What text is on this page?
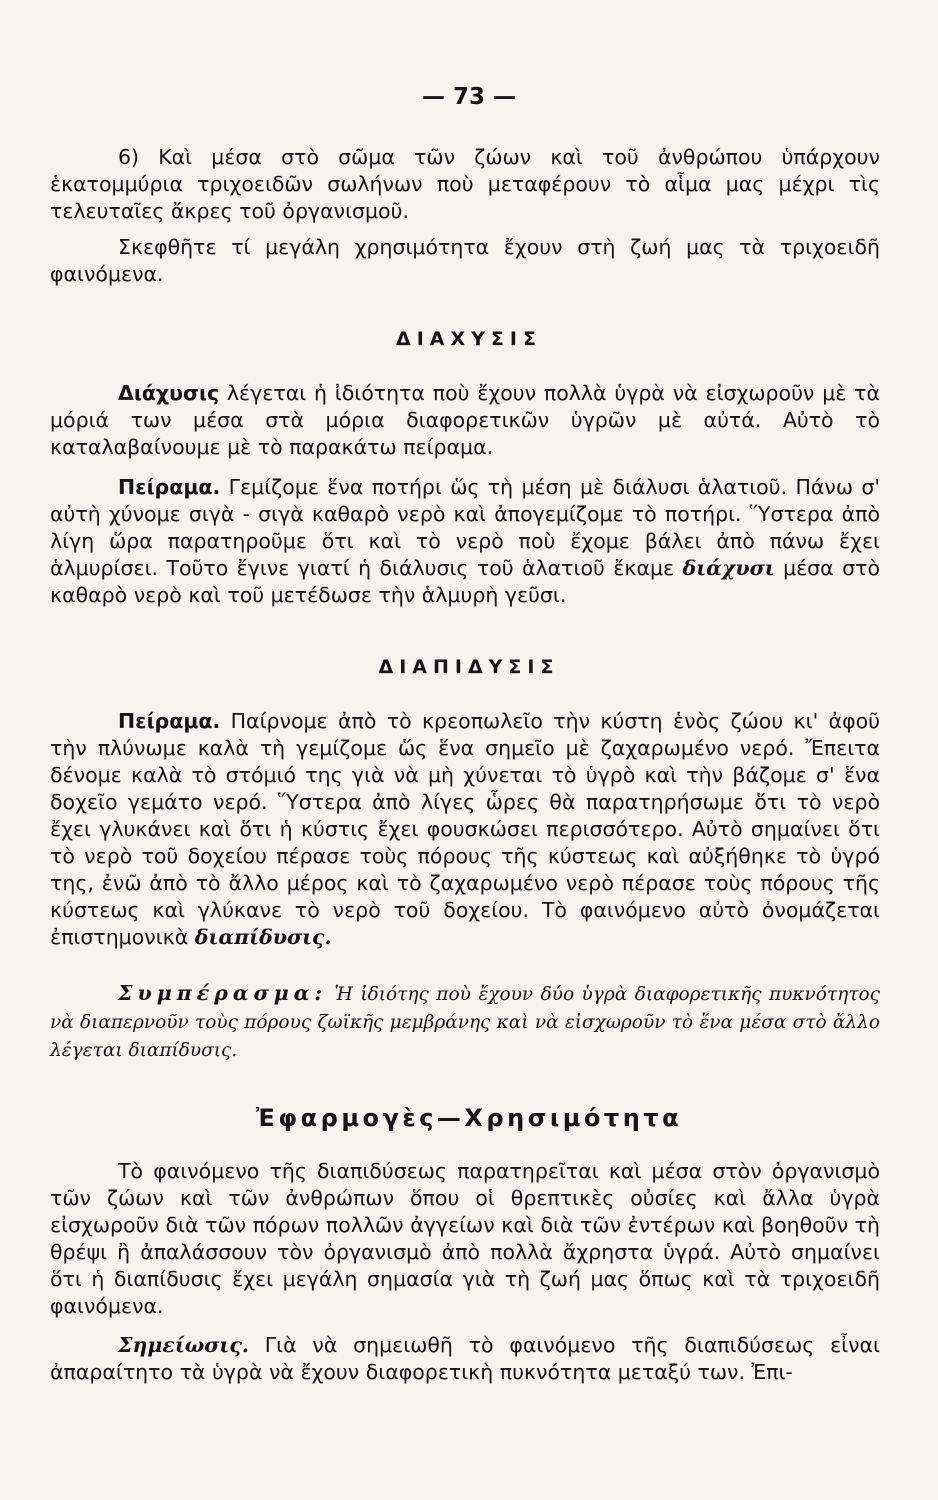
— 73 —

6) Καὶ μέσα στὸ σῶμα τῶν ζώων καὶ τοῦ ἀνθρώπου ὑπάρχουν ἑκατομμύρια τριχοειδῶν σωλήνων ποὺ μεταφέρουν τὸ αἷμα μας μέχρι τὶς τελευταῖες ἄκρες τοῦ ὀργανισμοῦ.

Σκεφθῆτε τί μεγάλη χρησιμότητα ἔχουν στὴ ζωή μας τὰ τριχοειδῆ φαινόμενα.

ΔΙΑΧΥΣΙΣ

Διάχυσις λέγεται ἡ ἰδιότητα ποὺ ἔχουν πολλὰ ὑγρὰ νὰ εἰσχωροῦν μὲ τὰ μόριά των μέσα στὰ μόρια διαφορετικῶν ὑγρῶν μὲ αὐτά. Αὐτὸ τὸ καταλαβαίνουμε μὲ τὸ παρακάτω πείραμα.

Πείραμα. Γεμίζομε ἕνα ποτήρι ὥς τὴ μέση μὲ διάλυσι ἁλατιοῦ. Πάνω σ' αὐτὴ χύνομε σιγὰ - σιγὰ καθαρὸ νερὸ καὶ ἀπογεμίζομε τὸ ποτήρι. Ὕστερα ἀπὸ λίγη ὥρα παρατηροῦμε ὅτι καὶ τὸ νερὸ ποὺ ἔχομε βάλει ἀπὸ πάνω ἔχει ἁλμυρίσει. Τοῦτο ἔγινε γιατί ἡ διάλυσις τοῦ ἁλατιοῦ ἔκαμε διάχυσι μέσα στὸ καθαρὸ νερὸ καὶ τοῦ μετέδωσε τὴν ἁλμυρὴ γεῦσι.

ΔΙΑΠΙΔΥΣΙΣ

Πείραμα. Παίρνομε ἀπὸ τὸ κρεοπωλεῖο τὴν κύστη ἑνὸς ζώου κι' ἀφοῦ τὴν πλύνωμε καλὰ τὴ γεμίζομε ὥς ἕνα σημεῖο μὲ ζαχαρωμένο νερό. Ἔπειτα δένομε καλὰ τὸ στόμιό της γιὰ νὰ μὴ χύνεται τὸ ὑγρὸ καὶ τὴν βάζομε σ' ἕνα δοχεῖο γεμάτο νερό. Ὕστερα ἀπὸ λίγες ὧρες θὰ παρατηρήσωμε ὅτι τὸ νερὸ ἔχει γλυκάνει καὶ ὅτι ἡ κύστις ἔχει φουσκώσει περισσότερο. Αὐτὸ σημαίνει ὅτι τὸ νερὸ τοῦ δοχείου πέρασε τοὺς πόρους τῆς κύστεως καὶ αὐξήθηκε τὸ ὑγρό της, ἐνῶ ἀπὸ τὸ ἄλλο μέρος καὶ τὸ ζαχαρωμένο νερὸ πέρασε τοὺς πόρους τῆς κύστεως καὶ γλύκανε τὸ νερὸ τοῦ δοχείου. Τὸ φαινόμενο αὐτὸ ὀνομάζεται ἐπιστημονικὰ διαπίδυσις.

Συμπέρασμα: Ἡ ἰδιότης ποὺ ἔχουν δύο ὑγρὰ διαφορετικῆς πυκνότητος νὰ διαπερνοῦν τοὺς πόρους ζωϊκῆς μεμβράνης καὶ νὰ εἰσχωροῦν τὸ ἕνα μέσα στὸ ἄλλο λέγεται διαπίδυσις.

Ἐφαρμογὲς—Χρησιμότητα

Τὸ φαινόμενο τῆς διαπιδύσεως παρατηρεῖται καὶ μέσα στὸν ὀργανισμὸ τῶν ζώων καὶ τῶν ἀνθρώπων ὅπου οἱ θρεπτικὲς οὐσίες καὶ ἄλλα ὑγρὰ εἰσχωροῦν διὰ τῶν πόρων πολλῶν ἀγγείων καὶ διὰ τῶν ἐντέρων καὶ βοηθοῦν τὴ θρέψι ἢ ἀπαλάσσουν τὸν ὀργανισμὸ ἀπὸ πολλὰ ἄχρηστα ὑγρά. Αὐτὸ σημαίνει ὅτι ἡ διαπίδυσις ἔχει μεγάλη σημασία γιὰ τὴ ζωή μας ὅπως καὶ τὰ τριχοειδῆ φαινόμενα.

Σημείωσις. Γιὰ νὰ σημειωθῆ τὸ φαινόμενο τῆς διαπιδύσεως εἶναι ἀπαραίτητο τὰ ὑγρὰ νὰ ἔχουν διαφορετικὴ πυκνότητα μεταξύ των. Ἐπι-
